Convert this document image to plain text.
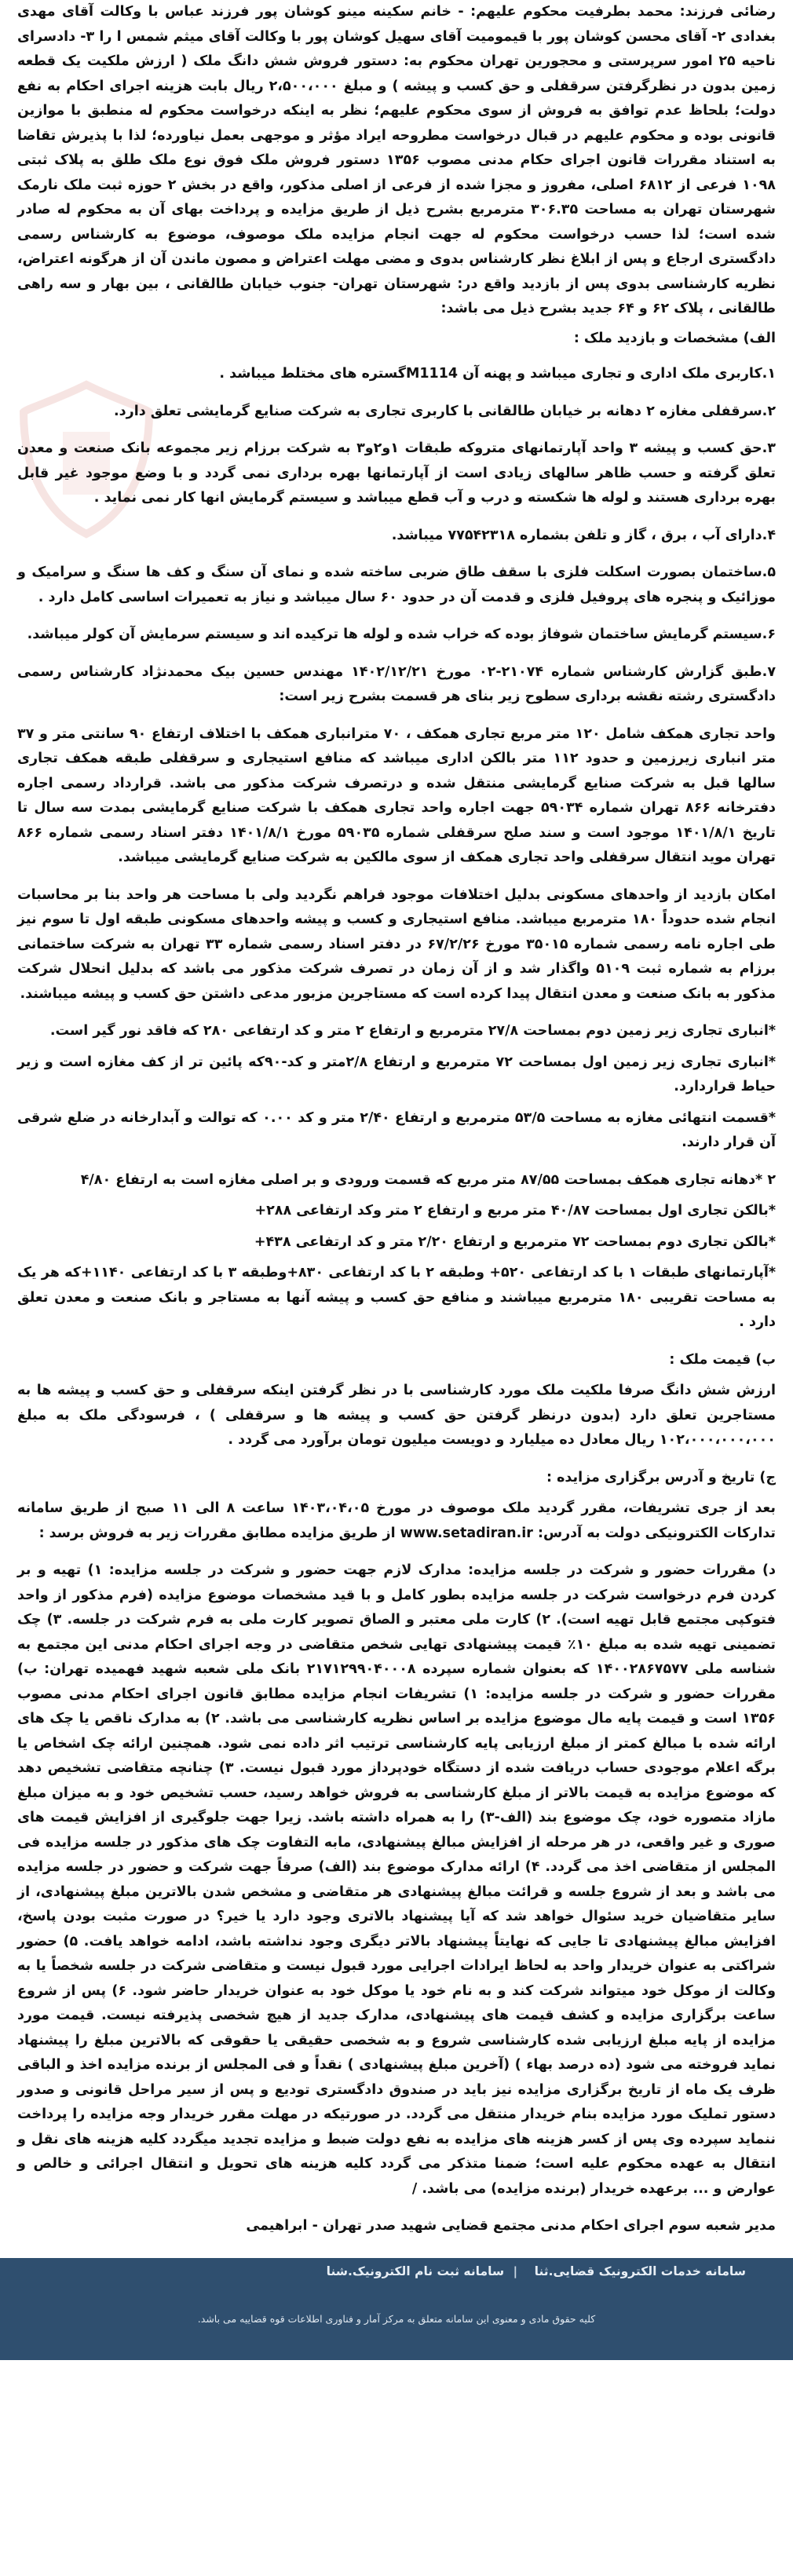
رضائی فرزند: محمد بطرفیت محکوم علیهم: - خانم سکینه مینو کوشان پور فرزند عباس با وکالت آقای مهدی بغدادی ۲- آقای محسن کوشان پور با قیمومیت آقای سهیل کوشان پور با وکالت آقای میثم شمس ا را ۳- دادسرای ناحیه ۲۵ امور سرپرستی و محجورین تهران محکوم به: دستور فروش شش دانگ ملک ( ارزش ملکیت یک قطعه زمین بدون در نظرگرفتن سرقفلی و حق کسب و پیشه ) و مبلغ ۲،۵۰۰،۰۰۰ ریال بابت هزینه اجرای احکام به نفع دولت؛ بلحاظ عدم توافق به فروش از سوی محکوم علیهم؛ نظر به اینکه درخواست محکوم له منطبق با موازین قانونی بوده و محکوم علیهم در قبال درخواست مطروحه ایراد مؤثر و موجهی بعمل نیاورده؛ لذا با پذیرش تقاضا به استناد مقررات قانون اجرای حکام مدنی مصوب ۱۳۵۶ دستور فروش ملک فوق نوع ملک طلق به پلاک ثبتی ۱۰۹۸ فرعی از ۶۸۱۲ اصلی، مفروز و مجزا شده از فرعی از اصلی مذکور، واقع در بخش ۲ حوزه ثبت ملک نارمک شهرستان تهران به مساحت ۳۰۶.۳۵ مترمربع بشرح ذیل از طریق مزایده و پرداخت بهای آن به محکوم له صادر شده است؛ لذا حسب درخواست محکوم له جهت انجام مزایده ملک موصوف، موضوع به کارشناس رسمی دادگستری ارجاع و پس از ابلاغ نظر کارشناس بدوی و مضی مهلت اعتراض و مصون ماندن آن از هرگونه اعتراض، نظریه کارشناسی بدوی پس از بازدید واقع در: شهرستان تهران- جنوب خیابان طالقانی ، بین بهار و سه راهی طالقانی ، پلاک ۶۲ و ۶۴ جدید بشرح ذیل می باشد:

الف) مشخصات و بازدید ملک :

۱.کاربری ملک اداری و تجاری میباشد و پهنه آن M1114گستره های مختلط میباشد .

۲.سرقفلی مغازه ۲ دهانه بر خیابان طالقانی با کاربری تجاری به شرکت صنایع گرمایشی تعلق دارد.

۳.حق کسب و پیشه ۳ واحد آپارتمانهای متروکه طبقات ۱و۲و۳ به شرکت برزام زیر مجموعه بانک صنعت و معدن تعلق گرفته و حسب ظاهر سالهای زیادی است از آپارتمانها بهره برداری نمی گردد و با وضع موجود غیر قابل بهره برداری هستند و لوله ها شکسته و درب و آب قطع میباشد و سیستم گرمایش انها کار نمی نماید .

۴.دارای آب ، برق ، گاز و تلفن بشماره ۷۷۵۴۲۳۱۸ میباشد.

۵.ساختمان بصورت اسکلت فلزی با سقف طاق ضربی ساخته شده و نمای آن سنگ و کف ها سنگ و سرامیک و موزائیک و پنجره های پروفیل فلزی و قدمت آن در حدود ۶۰ سال میباشد و نیاز به تعمیرات اساسی کامل دارد .

۶.سیستم گرمایش ساختمان شوفاژ بوده که خراب شده و لوله ها ترکیده اند و سیستم سرمایش آن کولر میباشد.

۷.طبق گزارش کارشناس شماره ۲۱۰۷۴-۰۲ مورخ ۱۴۰۲/۱۲/۲۱ مهندس حسین بیک محمدنژاد کارشناس رسمی دادگستری رشته نقشه برداری سطوح زیر بنای هر قسمت بشرح زیر است:

واحد تجاری همکف شامل ۱۲۰ متر مربع تجاری همکف ، ۷۰ مترانباری همکف با اختلاف ارتفاع ۹۰ سانتی متر و ۳۷ متر انباری زیرزمین و حدود ۱۱۲ متر بالکن اداری میباشد که منافع استیجاری و سرقفلی طبقه همکف تجاری سالها قبل به شرکت صنایع گرمایشی منتقل شده و درتصرف شرکت مذکور می باشد. قرارداد رسمی اجاره دفترخانه ۸۶۶ تهران شماره ۵۹۰۳۴ جهت اجاره واحد تجاری همکف با شرکت صنایع گرمایشی بمدت سه سال تا تاریخ ۱۴۰۱/۸/۱ موجود است و سند صلح سرقفلی شماره ۵۹۰۳۵ مورخ ۱۴۰۱/۸/۱ دفتر اسناد رسمی شماره ۸۶۶ تهران موید انتقال سرقفلی واحد تجاری همکف از سوی مالکین به شرکت صنایع گرمایشی میباشد.

امکان بازدید از واحدهای مسکونی بدلیل اختلافات موجود فراهم نگردید ولی با مساحت هر واحد بنا بر محاسبات انجام شده حدوداً ۱۸۰ مترمربع میباشد. منافع استیجاری و کسب و پیشه واحدهای مسکونی طبقه اول تا سوم نیز طی اجاره نامه رسمی شماره ۳۵۰۱۵ مورخ ۶۷/۲/۲۶ در دفتر اسناد رسمی شماره ۳۳ تهران به شرکت ساختمانی برزام به شماره ثبت ۵۱۰۹ واگذار شد و از آن زمان در تصرف شرکت مذکور می باشد که بدلیل انحلال شرکت مذکور به بانک صنعت و معدن انتقال پیدا کرده است که مستاجرین مزبور مدعی داشتن حق کسب و پیشه میباشند.

*انباری تجاری زیر زمین دوم بمساحت ۲۷/۸ مترمربع و ارتفاع ۲ متر و کد ارتفاعی ۲۸۰ که فاقد نور گیر است.

*انباری تجاری زیر زمین اول بمساحت ۷۲ مترمربع و ارتفاع ۲/۸متر و کد-۹۰که پائین تر از کف مغازه است و زیر حیاط قراردارد.

*قسمت انتهائی مغازه به مساحت ۵۳/۵ مترمربع و ارتفاع ۲/۴۰ متر و کد ۰.۰۰ که توالت و آبدارخانه در ضلع شرقی آن قرار دارند.

۲ *دهانه تجاری همکف بمساحت ۸۷/۵۵ متر مربع که قسمت ورودی و بر اصلی مغازه است به ارتفاع ۴/۸۰

*بالکن تجاری اول بمساحت ۴۰/۸۷ متر مربع و ارتفاع ۲ متر وکد ارتفاعی ۲۸۸+

*بالکن تجاری دوم بمساحت ۷۲ مترمربع و ارتفاع ۲/۲۰ متر و کد ارتفاعی ۴۳۸+

*آپارتمانهای طبقات ۱ با کد ارتفاعی ۵۲۰+ وطبقه ۲ با کد ارتفاعی ۸۳۰+وطبقه ۳ با کد ارتفاعی ۱۱۴۰+که هر یک به مساحت تقریبی ۱۸۰ مترمربع میباشند و منافع حق کسب و پیشه آنها به مستاجر و بانک صنعت و معدن تعلق دارد .

ب) قیمت ملک :

ارزش شش دانگ صرفا ملکیت ملک مورد کارشناسی با در نظر گرفتن اینکه سرقفلی و حق کسب و پیشه ها به مستاجرین تعلق دارد (بدون درنظر گرفتن حق کسب و پیشه ها و سرقفلی ) ، فرسودگی ملک به مبلغ ۱۰۲،۰۰۰،۰۰۰،۰۰۰ ریال معادل ده میلیارد و دویست میلیون تومان برآورد می گردد .

ج) تاریخ و آدرس برگزاری مزایده :

بعد از جری تشریفات، مقرر گردید ملک موصوف در مورخ ۱۴۰۳،۰۴،۰۵ ساعت ۸ الی ۱۱ صبح از طریق سامانه تدارکات الکترونیکی دولت به آدرس: www.setadiran.ir از طریق مزایده مطابق مقررات زیر به فروش برسد :

د) مقررات حضور و شرکت در جلسه مزایده: مدارک لازم جهت حضور و شرکت در جلسه مزایده: ۱) تهیه و بر کردن فرم درخواست شرکت در جلسه مزایده بطور کامل و با قید مشخصات موضوع مزایده (فرم مذکور از واحد فتوکپی مجتمع قابل تهیه است). ۲) کارت ملی معتبر و الصاق تصویر کارت ملی به فرم شرکت در جلسه. ۳) چک تضمینی تهیه شده به مبلغ ۱۰٪ قیمت پیشنهادی تهایی شخص متقاضی در وجه اجرای احکام مدنی این مجتمع به شناسه ملی ۱۴۰۰۲۸۶۷۵۷۷ که بعنوان شماره سپرده ۲۱۷۱۲۹۹۰۴۰۰۰۸ بانک ملی شعبه شهید فهمیده تهران: ب) مقررات حضور و شرکت در جلسه مزایده: ۱) تشریفات انجام مزایده مطابق قانون اجرای احکام مدنی مصوب ۱۳۵۶ است و قیمت پایه مال موضوع مزایده بر اساس نظریه کارشناسی می باشد. ۲) به مدارک ناقص یا چک های ارائه شده با مبالغ کمتر از مبلغ ارزیابی پایه کارشناسی ترتیب اثر داده نمی شود. همچنین ارائه چک اشخاص یا برگه اعلام موجودی حساب دریافت شده از دستگاه خودپرداز مورد قبول نیست. ۳) چنانچه متقاضی تشخیص دهد که موضوع مزایده به قیمت بالاتر از مبلغ کارشناسی به فروش خواهد رسید، حسب تشخیص خود و به میزان مبلغ مازاد متصوره خود، چک موضوع بند (الف-۳) را به همراه داشته باشد. زیرا جهت جلوگیری از افزایش قیمت های صوری و غیر واقعی، در هر مرحله از افزایش مبالغ پیشنهادی، مابه التفاوت چک های مذکور در جلسه مزایده فی المجلس از متقاضی اخذ می گردد. ۴) ارائه مدارک موضوع بند (الف) صرفاً جهت شرکت و حضور در جلسه مزایده می باشد و بعد از شروع جلسه و قرائت مبالغ پیشنهادی هر متقاضی و مشخص شدن بالاترین مبلغ پیشنهادی، از سایر متقاضیان خرید سئوال خواهد شد که آیا پیشنهاد بالاتری وجود دارد یا خیر؟ در صورت مثبت بودن پاسخ، افزایش مبالغ پیشنهادی تا جایی که نهایتاً پیشنهاد بالاتر دیگری وجود نداشته باشد، ادامه خواهد یافت. ۵) حضور شراکتی به عنوان خریدار واحد به لحاظ ایرادات اجرایی مورد قبول نیست و متقاضی شرکت در جلسه شخصاً یا به وکالت از موکل خود میتواند شرکت کند و به نام خود یا موکل خود به عنوان خریدار حاضر شود. ۶) پس از شروع ساعت برگزاری مزایده و کشف قیمت های پیشنهادی، مدارک جدید از هیچ شخصی پذیرفته نیست. قیمت مورد مزایده از پایه مبلغ ارزیابی شده کارشناسی شروع و به شخصی حقیقی یا حقوقی که بالاترین مبلغ را پیشنهاد نماید فروخته می شود (ده درصد بهاء ) (آخرین مبلغ پیشنهادی ) نقداً و فی المجلس از برنده مزایده اخذ و الباقی ظرف یک ماه از تاریخ برگزاری مزایده نیز باید در صندوق دادگستری تودیع و پس از سیر مراحل قانونی و صدور دستور تملیک مورد مزایده بنام خریدار منتقل می گردد. در صورتیکه در مهلت مقرر خریدار وجه مزایده را پرداخت ننماید سپرده وی پس از کسر هزینه های مزایده به نفع دولت ضبط و مزایده تجدید میگردد کلیه هزینه های نقل و انتقال به عهده محکوم علیه است؛ ضمنا متذکر می گردد کلیه هزینه های تحویل و انتقال اجرائی و خالص و عوارض و ... برعهده خریدار (برنده مزایده) می باشد. /

مدیر شعبه سوم اجرای احکام مدنی مجتمع قضایی شهید صدر تهران - ابراهیمی

سامانه خدمات الکترونیک قضایی.ثنا | سامانه ثبت نام الکترونیک.شنا
کلیه حقوق مادی و معنوی این سامانه متعلق به مرکز آمار و فناوری اطلاعات قوه قضاییه می باشد.
